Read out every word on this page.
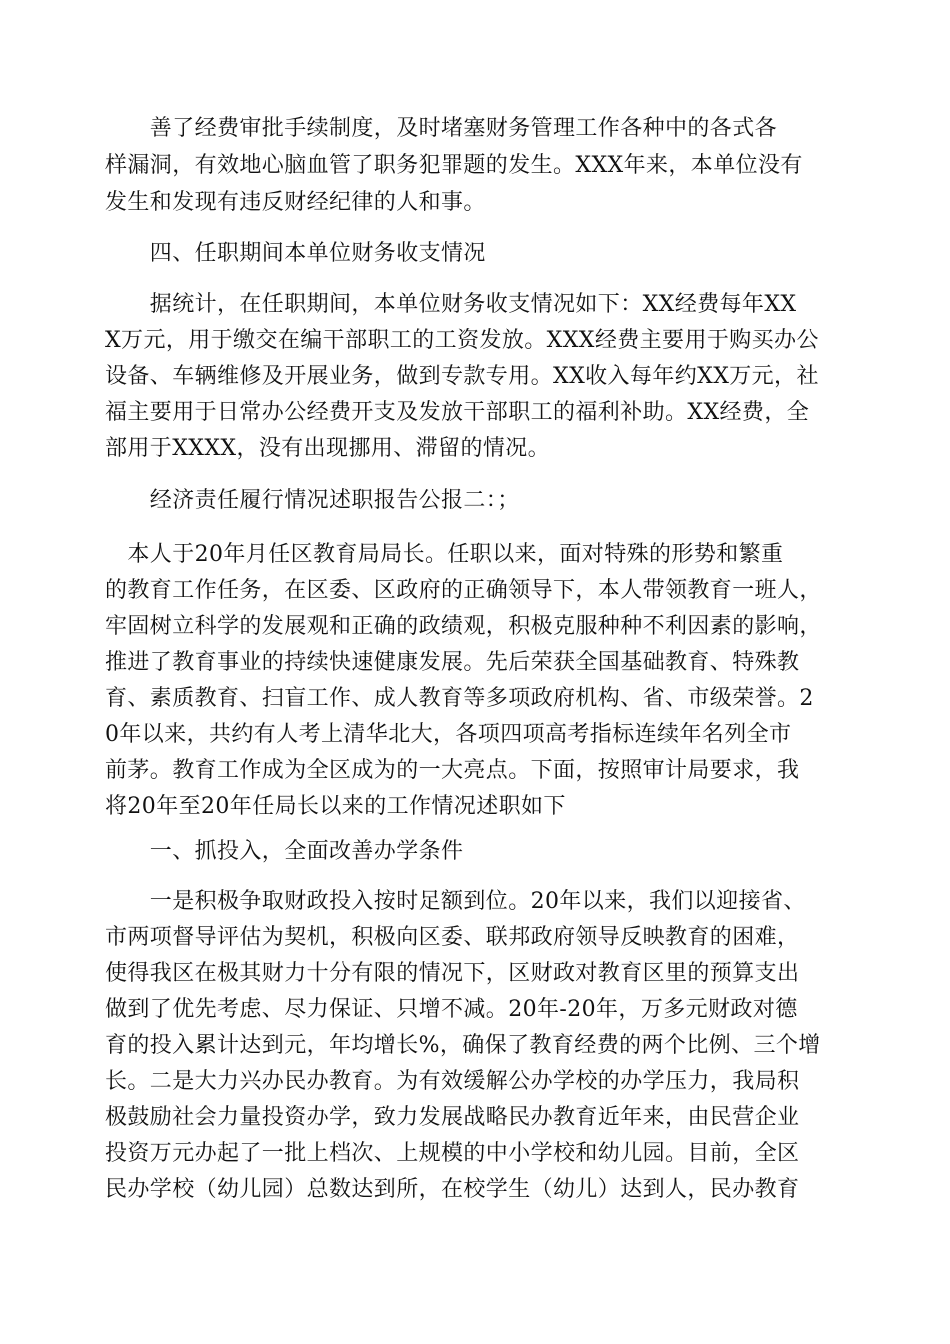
　　善了经费审批手续制度，及时堵塞财务管理工作各种中的各式各
样漏洞，有效地心脑血管了职务犯罪题的发生。XXX年来，本单位没有
发生和发现有违反财经纪律的人和事。
　　四、任职期间本单位财务收支情况
　　据统计，在任职期间，本单位财务收支情况如下：XX经费每年XX
X万元，用于缴交在编干部职工的工资发放。XXX经费主要用于购买办公
设备、车辆维修及开展业务，做到专款专用。XX收入每年约XX万元，社
福主要用于日常办公经费开支及发放干部职工的福利补助。XX经费，全
部用于XXXX，没有出现挪用、滞留的情况。
　　经济责任履行情况述职报告公报二：；
　本人于20年月任区教育局局长。任职以来，面对特殊的形势和繁重
的教育工作任务，在区委、区政府的正确领导下，本人带领教育一班人，
牢固树立科学的发展观和正确的政绩观，积极克服种种不利因素的影响，
推进了教育事业的持续快速健康发展。先后荣获全国基础教育、特殊教
育、素质教育、扫盲工作、成人教育等多项政府机构、省、市级荣誉。2
0年以来，共约有人考上清华北大，各项四项高考指标连续年名列全市
前茅。教育工作成为全区成为的一大亮点。下面，按照审计局要求，我
将20年至20年任局长以来的工作情况述职如下
　　一、抓投入，全面改善办学条件
　　一是积极争取财政投入按时足额到位。20年以来，我们以迎接省、
市两项督导评估为契机，积极向区委、联邦政府领导反映教育的困难，
使得我区在极其财力十分有限的情况下，区财政对教育区里的预算支出
做到了优先考虑、尽力保证、只增不减。20年-20年，万多元财政对德
育的投入累计达到元，年均增长%，确保了教育经费的两个比例、三个增
长。二是大力兴办民办教育。为有效缓解公办学校的办学压力，我局积
极鼓励社会力量投资办学，致力发展战略民办教育近年来，由民营企业
投资万元办起了一批上档次、上规模的中小学校和幼儿园。目前，全区
民办学校（幼儿园）总数达到所，在校学生（幼儿）达到人，民办教育
